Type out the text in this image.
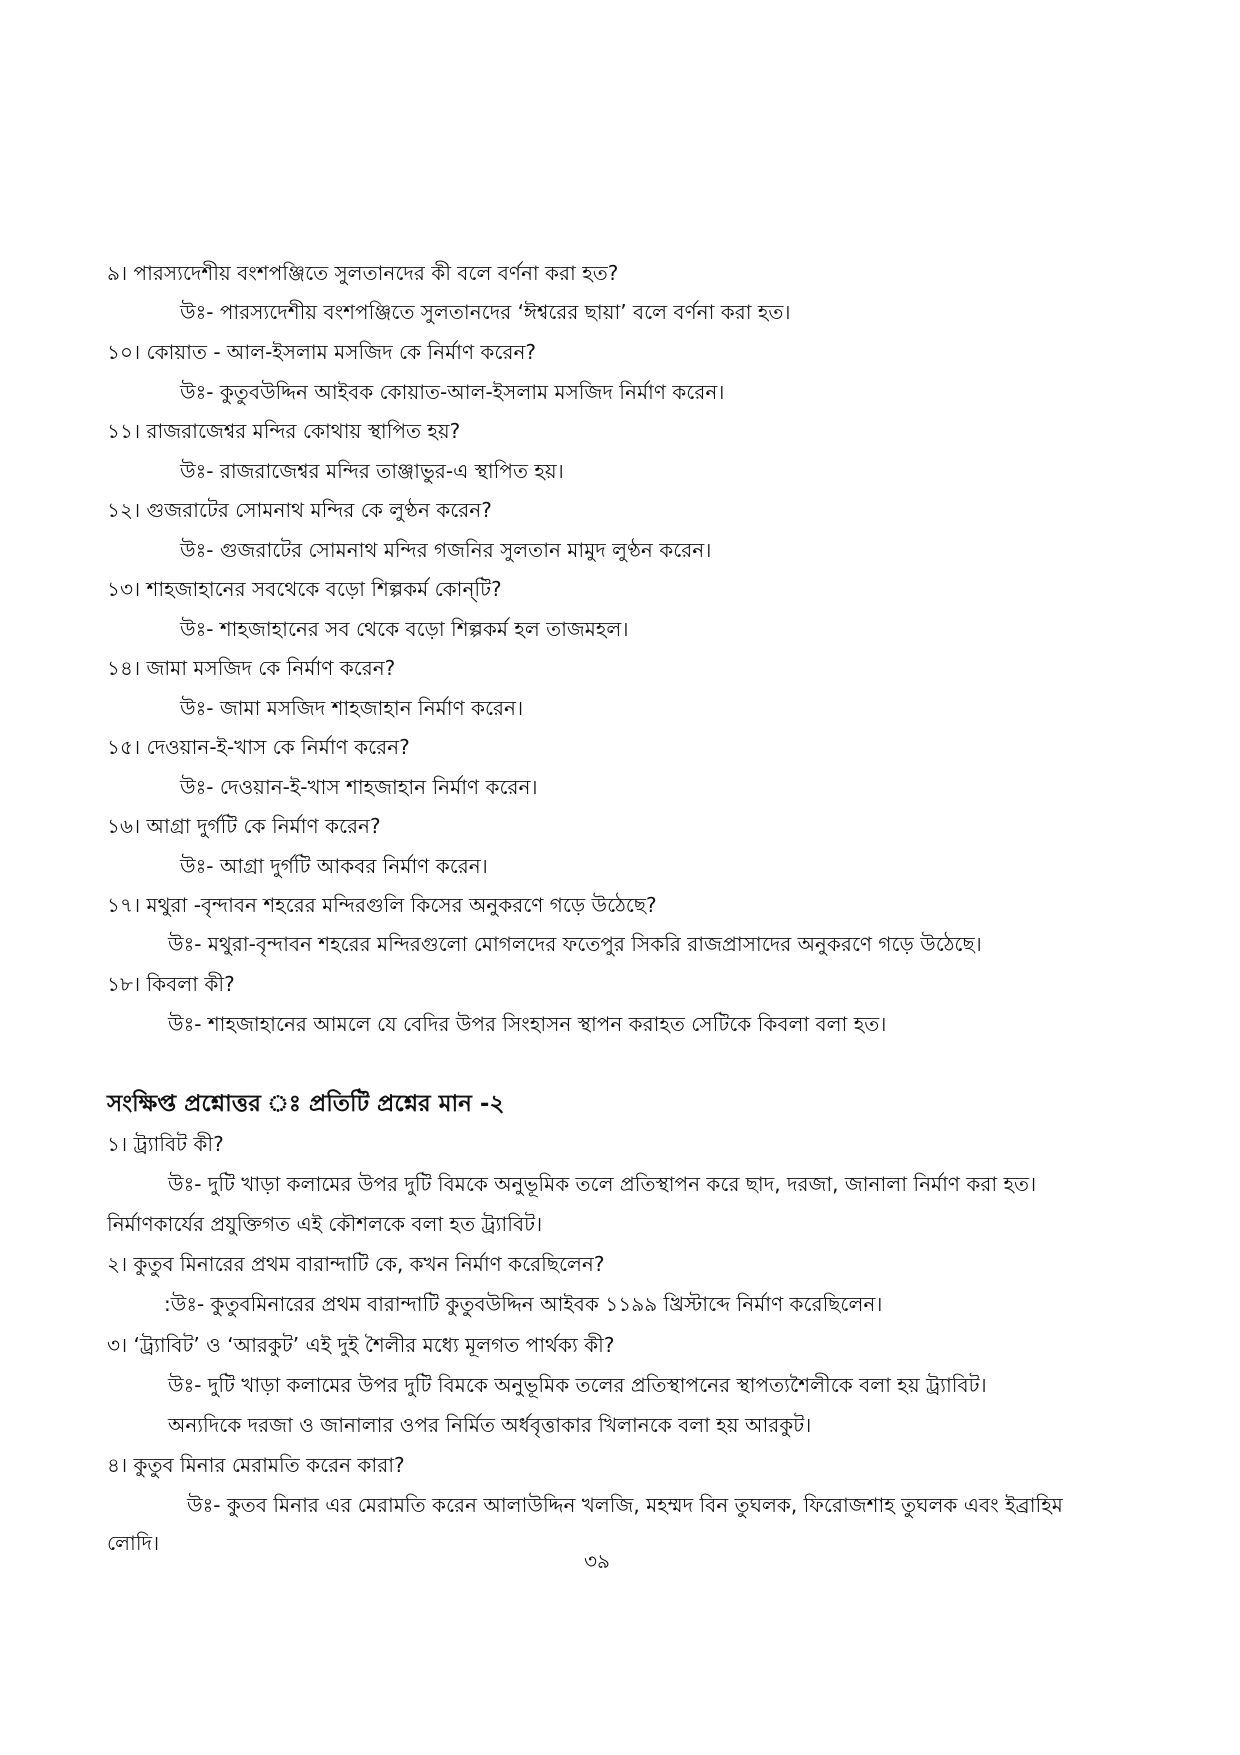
৯। পারস্যদেশীয় বংশপঞ্জিতে সুলতানদের কী বলে বর্ণনা করা হত?
উঃ- পারস্যদেশীয় বংশপঞ্জিতে সুলতানদের ‘ঈশ্বরের ছায়া’ বলে বর্ণনা করা হত।
১০। কোয়াত - আল-ইসলাম মসজিদ কে নির্মাণ করেন?
উঃ- কুতুবউদ্দিন আইবক কোয়াত-আল-ইসলাম মসজিদ নির্মাণ করেন।
১১। রাজরাজেশ্বর মন্দির কোথায় স্থাপিত হয়?
উঃ- রাজরাজেশ্বর মন্দির তাঞ্জাভুর-এ স্থাপিত হয়।
১২। গুজরাটের সোমনাথ মন্দির কে লুণ্ঠন করেন?
উঃ- গুজরাটের সোমনাথ মন্দির গজনির সুলতান মামুদ লুণ্ঠন করেন।
১৩। শাহজাহানের সবথেকে বড়ো শিল্পকর্ম কোন্‌টি?
উঃ- শাহজাহানের সব থেকে বড়ো শিল্পকর্ম হল তাজমহল।
১৪। জামা মসজিদ কে নির্মাণ করেন?
উঃ- জামা মসজিদ শাহজাহান নির্মাণ করেন।
১৫। দেওয়ান-ই-খাস কে নির্মাণ করেন?
উঃ- দেওয়ান-ই-খাস শাহজাহান নির্মাণ করেন।
১৬। আগ্রা দুর্গটি কে নির্মাণ করেন?
উঃ- আগ্রা দুর্গটি আকবর নির্মাণ করেন।
১৭। মথুরা -বৃন্দাবন শহরের মন্দিরগুলি কিসের অনুকরণে গড়ে উঠেছে?
উঃ- মথুরা-বৃন্দাবন শহরের মন্দিরগুলো মোগলদের ফতেপুর সিকরি রাজপ্রাসাদের অনুকরণে গড়ে উঠেছে।
১৮। কিবলা কী?
উঃ- শাহজাহানের আমলে যে বেদির উপর সিংহাসন স্থাপন করাহত সেটিকে কিবলা বলা হত।
সংক্ষিপ্ত প্রশ্নোত্তর ঃ প্রতিটি প্রশ্নের মান -২
১। ট্র্যাবিট কী?
উঃ- দুটি খাড়া কলামের উপর দুটি বিমকে অনুভূমিক তলে প্রতিস্থাপন করে ছাদ, দরজা, জানালা নির্মাণ করা হত।
নির্মাণকার্যের প্রযুক্তিগত এই কৌশলকে বলা হত ট্র্যাবিট।
২। কুতুব মিনারের প্রথম বারান্দাটি কে, কখন নির্মাণ করেছিলেন?
:উঃ- কুতুবমিনারের প্রথম বারান্দাটি কুতুবউদ্দিন আইবক ১১৯৯ খ্রিস্টাব্দে নির্মাণ করেছিলেন।
৩। ‘ট্র্যাবিট’ ও ‘আরকুট’ এই দুই শৈলীর মধ্যে মূলগত পার্থক্য কী?
উঃ- দুটি খাড়া কলামের উপর দুটি বিমকে অনুভূমিক তলের প্রতিস্থাপনের স্থাপত্যশৈলীকে বলা হয় ট্র্যাবিট।
অন্যদিকে দরজা ও জানালার ওপর নির্মিত অর্ধবৃত্তাকার খিলানকে বলা হয় আরকুট।
৪। কুতুব মিনার মেরামতি করেন কারা?
উঃ- কুতব মিনার এর মেরামতি করেন আলাউদ্দিন খলজি, মহম্মদ বিন তুঘলক, ফিরোজশাহ তুঘলক এবং ইব্রাহিম
লোদি।
৩৯
